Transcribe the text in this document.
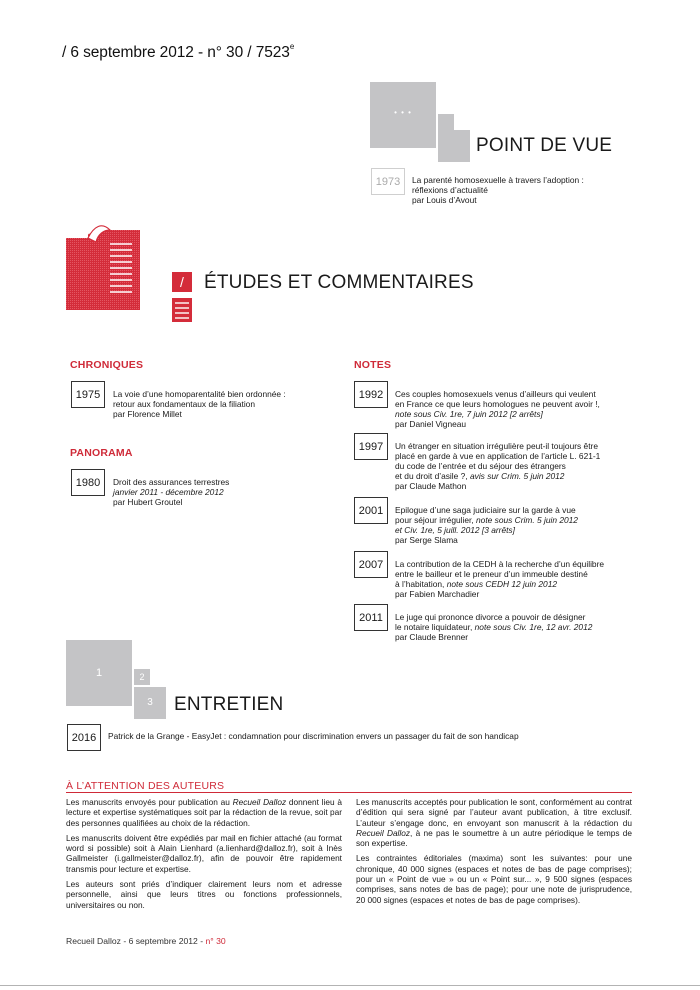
/ 6 septembre 2012 - n° 30 / 7523e
• • •
POINT DE VUE
1973	La parenté homosexuelle à travers l’adoption :
réflexions d’actualité
par Louis d’Avout
/	ÉTUDES ET COMMENTAIRES
CHRONIQUES
1975	La voie d’une homoparentalité bien ordonnée :
retour aux fondamentaux de la filiation
par Florence Millet
PANORAMA
1980	Droit des assurances terrestres
janvier 2011 - décembre 2012
par Hubert Groutel
NOTES
1992	Ces couples homosexuels venus d’ailleurs qui veulent
en France ce que leurs homologues ne peuvent avoir !,
note sous Civ. 1re, 7 juin 2012 [2 arrêts]
par Daniel Vigneau
1997	Un étranger en situation irrégulière peut-il toujours être
placé en garde à vue en application de l’article L. 621-1
du code de l’entrée et du séjour des étrangers
et du droit d’asile ?, avis sur Crim. 5 juin 2012
par Claude Mathon
2001	Epilogue d’une saga judiciaire sur la garde à vue
pour séjour irrégulier, note sous Crim. 5 juin 2012
et Civ. 1re, 5 juill. 2012 [3 arrêts]
par Serge Slama
2007	La contribution de la CEDH à la recherche d’un équilibre
entre le bailleur et le preneur d’un immeuble destiné
à l’habitation, note sous CEDH 12 juin 2012
par Fabien Marchadier
2011	Le juge qui prononce divorce a pouvoir de désigner
le notaire liquidateur, note sous Civ. 1re, 12 avr. 2012
par Claude Brenner
1	2
3	ENTRETIEN
2016	Patrick de la Grange - EasyJet : condamnation pour discrimination envers un passager du fait de son handicap
À L’ATTENTION DES AUTEURS

Les manuscrits envoyés pour publication au Recueil Dalloz donnent lieu à lecture et expertise systématiques soit par la rédaction de la revue, soit par des personnes qualifiées au choix de la rédaction.

Les manuscrits doivent être expédiés par mail en fichier attaché (au format word si possible) soit à Alain Lienhard (a.lienhard@dalloz.fr), soit à Inès Gallmeister (i.gallmeister@dalloz.fr), afin de pouvoir être rapidement transmis pour lecture et expertise.

Les auteurs sont priés d’indiquer clairement leurs nom et adresse personnelle, ainsi que leurs titres ou fonctions professionnels, universitaires ou non.

Les manuscrits acceptés pour publication le sont, conformément au contrat d’édition qui sera signé par l’auteur avant publication, à titre exclusif. L’auteur s’engage donc, en envoyant son manuscrit à la rédaction du Recueil Dalloz, à ne pas le soumettre à un autre périodique le temps de son expertise.

Les contraintes éditoriales (maxima) sont les suivantes: pour une chronique, 40 000 signes (espaces et notes de bas de page comprises); pour un « Point de vue » ou un « Point sur... », 9 500 signes (espaces comprises, sans notes de bas de page); pour une note de jurisprudence, 20 000 signes (espaces et notes de bas de page comprises).

Recueil Dalloz - 6 septembre 2012 - n° 30
